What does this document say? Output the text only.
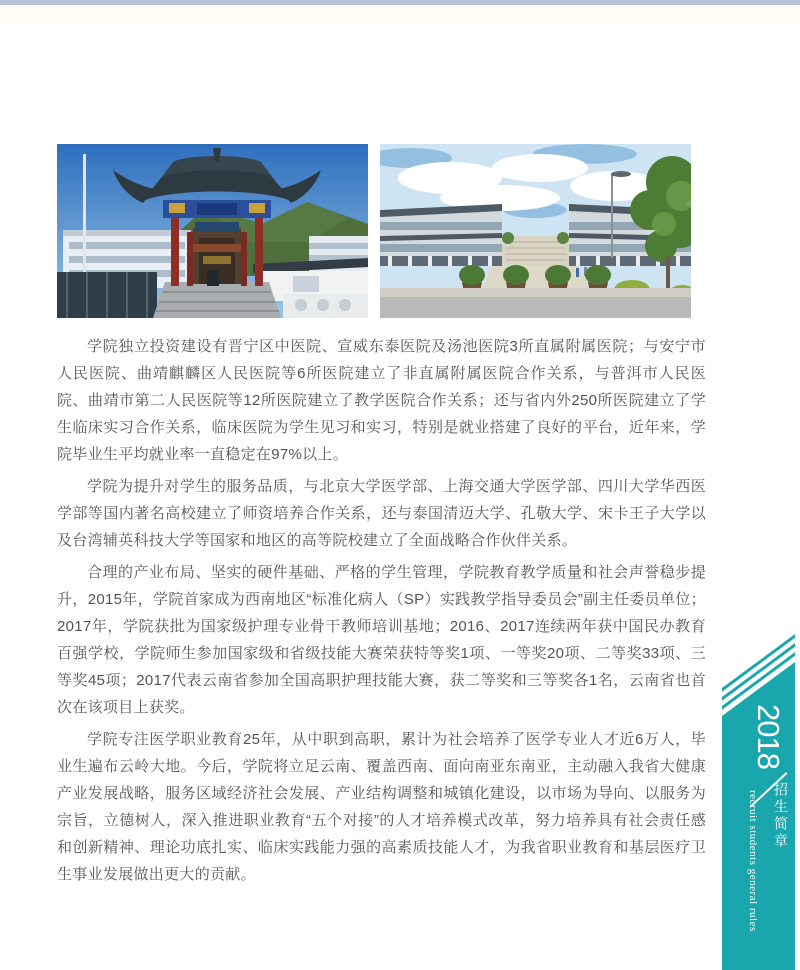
学院独立投资建设有晋宁区中医院、宣威东泰医院及汤池医院3所直属附属医院；与安宁市人民医院、曲靖麒麟区人民医院等6所医院建立了非直属附属医院合作关系，与普洱市人民医院、曲靖市第二人民医院等12所医院建立了教学医院合作关系；还与省内外250所医院建立了学生临床实习合作关系，临床医院为学生见习和实习，特别是就业搭建了良好的平台，近年来，学院毕业生平均就业率一直稳定在97%以上。

学院为提升对学生的服务品质，与北京大学医学部、上海交通大学医学部、四川大学华西医学部等国内著名高校建立了师资培养合作关系，还与泰国清迈大学、孔敬大学、宋卡王子大学以及台湾辅英科技大学等国家和地区的高等院校建立了全面战略合作伙伴关系。

合理的产业布局、坚实的硬件基础、严格的学生管理，学院教育教学质量和社会声誉稳步提升，2015年，学院首家成为西南地区“标准化病人（SP）实践教学指导委员会”副主任委员单位；2017年，学院获批为国家级护理专业骨干教师培训基地；2016、2017连续两年获中国民办教育百强学校，学院师生参加国家级和省级技能大赛荣获特等奖1项、一等奖20项、二等奖33项、三等奖45项；2017代表云南省参加全国高职护理技能大赛，获二等奖和三等奖各1名，云南省也首次在该项目上获奖。

学院专注医学职业教育25年，从中职到高职，累计为社会培养了医学专业人才近6万人，毕业生遍布云岭大地。今后，学院将立足云南、覆盖西南、面向南亚东南亚，主动融入我省大健康产业发展战略，服务区域经济社会发展、产业结构调整和城镇化建设，以市场为导向、以服务为宗旨，立德树人，深入推进职业教育“五个对接”的人才培养模式改革，努力培养具有社会责任感和创新精神、理论功底扎实、临床实践能力强的高素质技能人才，为我省职业教育和基层医疗卫生事业发展做出更大的贡献。

2018
招生简章
recruit students general rules
